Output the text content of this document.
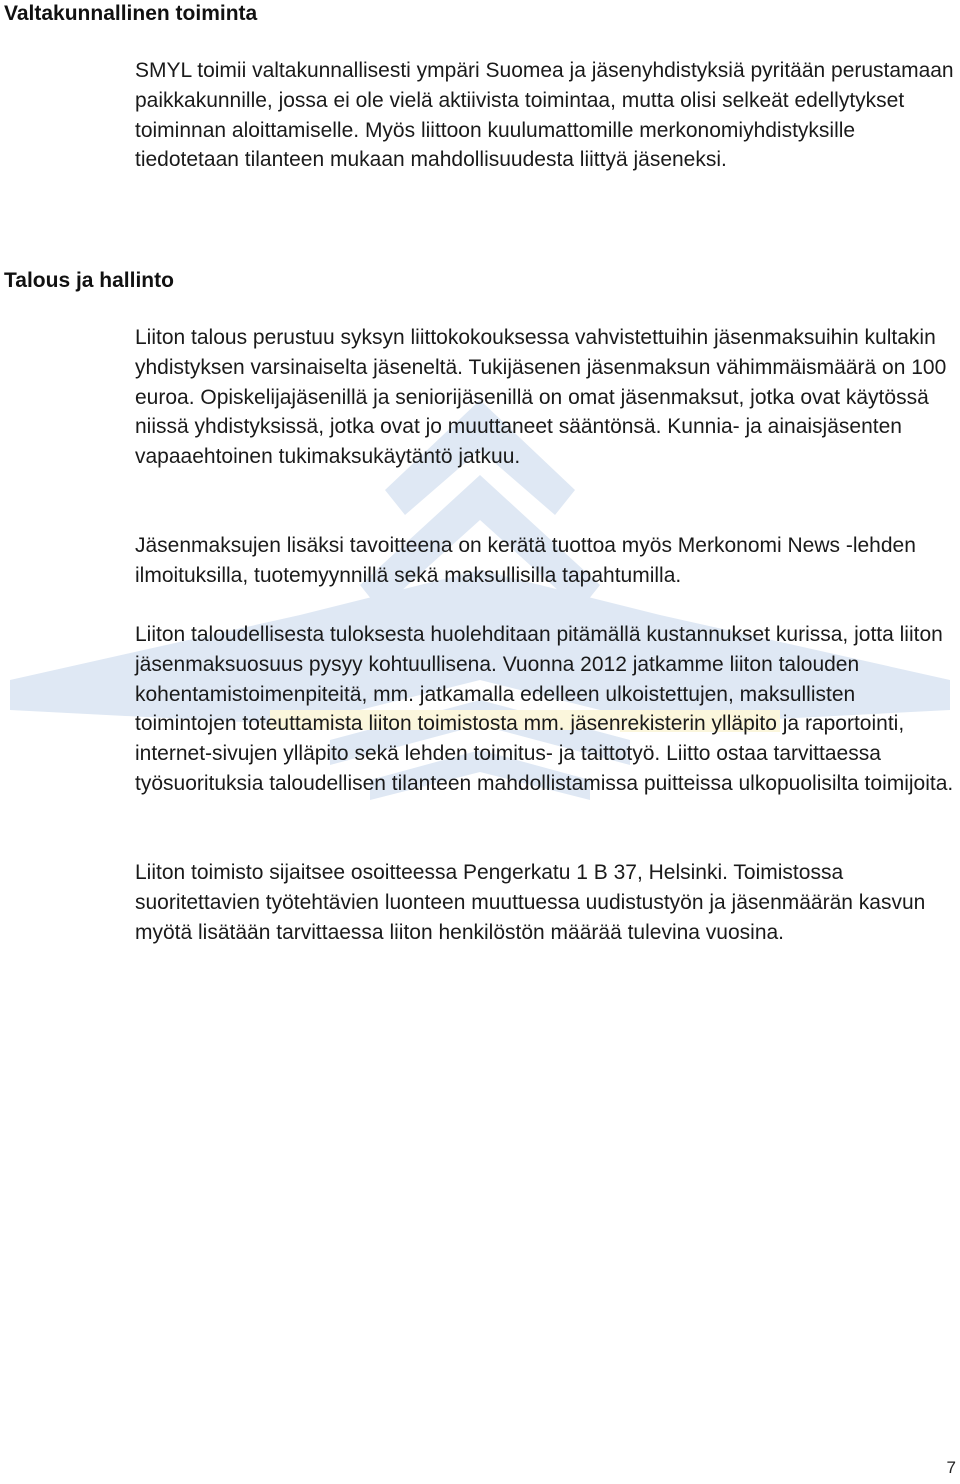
Valtakunnallinen toiminta

SMYL toimii valtakunnallisesti ympäri Suomea ja jäsenyhdistyksiä pyritään perustamaan paikkakunnille, jossa ei ole vielä aktiivista toimintaa, mutta olisi selkeät edellytykset toiminnan aloittamiselle. Myös liittoon kuulumattomille merkonomiyhdistyksille tiedotetaan tilanteen mukaan mahdollisuudesta liittyä jäseneksi.

Talous ja hallinto

Liiton talous perustuu syksyn liittokokouksessa vahvistettuihin jäsenmaksuihin kultakin yhdistyksen varsinaiselta jäseneltä. Tukijäsenen jäsenmaksun vähimmäismäärä on 100 euroa. Opiskelijajäsenillä ja seniorijäsenillä on omat jäsenmaksut, jotka ovat käytössä niissä yhdistyksissä, jotka ovat jo muuttaneet sääntönsä. Kunnia- ja ainaisjäsenten vapaaehtoinen tukimaksukäytäntö jatkuu.

Jäsenmaksujen lisäksi tavoitteena on kerätä tuottoa myös Merkonomi News -lehden ilmoituksilla, tuotemyynnillä sekä maksullisilla tapahtumilla.

Liiton taloudellisesta tuloksesta huolehditaan pitämällä kustannukset kurissa, jotta liiton jäsenmaksuosuus pysyy kohtuullisena. Vuonna 2012 jatkamme liiton talouden kohentamistoimenpiteitä, mm. jatkamalla edelleen ulkoistettujen, maksullisten toimintojen toteuttamista liiton toimistosta mm. jäsenrekisterin ylläpito ja raportointi, internet-sivujen ylläpito sekä lehden toimitus- ja taittotyö. Liitto ostaa tarvittaessa työsuorituksia taloudellisen tilanteen mahdollistamissa puitteissa ulkopuolisilta toimijoita.

Liiton toimisto sijaitsee osoitteessa Pengerkatu 1 B 37, Helsinki. Toimistossa suoritettavien työtehtävien luonteen muuttuessa uudistustyön ja jäsenmäärän kasvun myötä lisätään tarvittaessa liiton henkilöstön määrää tulevina vuosina.

7
